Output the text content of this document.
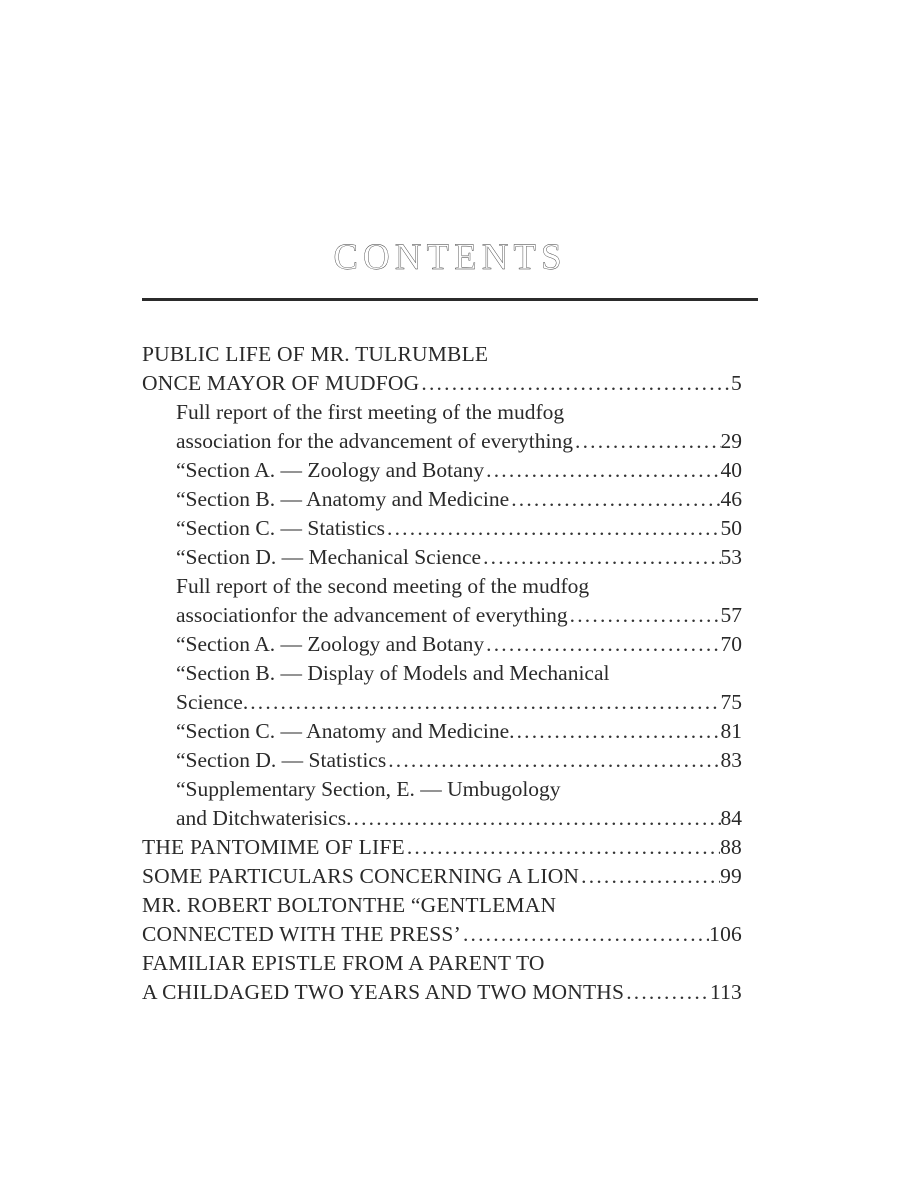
CONTENTS
PUBLIC LIFE OF MR. TULRUMBLE
ONCE MAYOR OF MUDFOG .....	5
Full report of the first meeting of the mudfog
association for the advancement of everything .....	29
“Section A. — Zoology and Botany .....	40
“Section B. — Anatomy and Medicine .....	46
“Section C. — Statistics .....	50
“Section D. — Mechanical Science .....	53
Full report of the second meeting of the mudfog
associationfor the advancement of everything .....	57
“Section A. — Zoology and Botany .....	70
“Section B. — Display of Models and Mechanical
Science. .....	75
“Section C. — Anatomy and Medicine. .....	81
“Section D. — Statistics .....	83
“Supplementary Section, E. — Umbugology
and Ditchwaterisics. .....	84
THE PANTOMIME OF LIFE .....	88
SOME PARTICULARS CONCERNING A LION .....	99
MR. ROBERT BOLTONTHE “GENTLEMAN
CONNECTED WITH THE PRESS’ .....	106
FAMILIAR EPISTLE FROM A PARENT TO
A CHILDAGED TWO YEARS AND TWO MONTHS .....	113
